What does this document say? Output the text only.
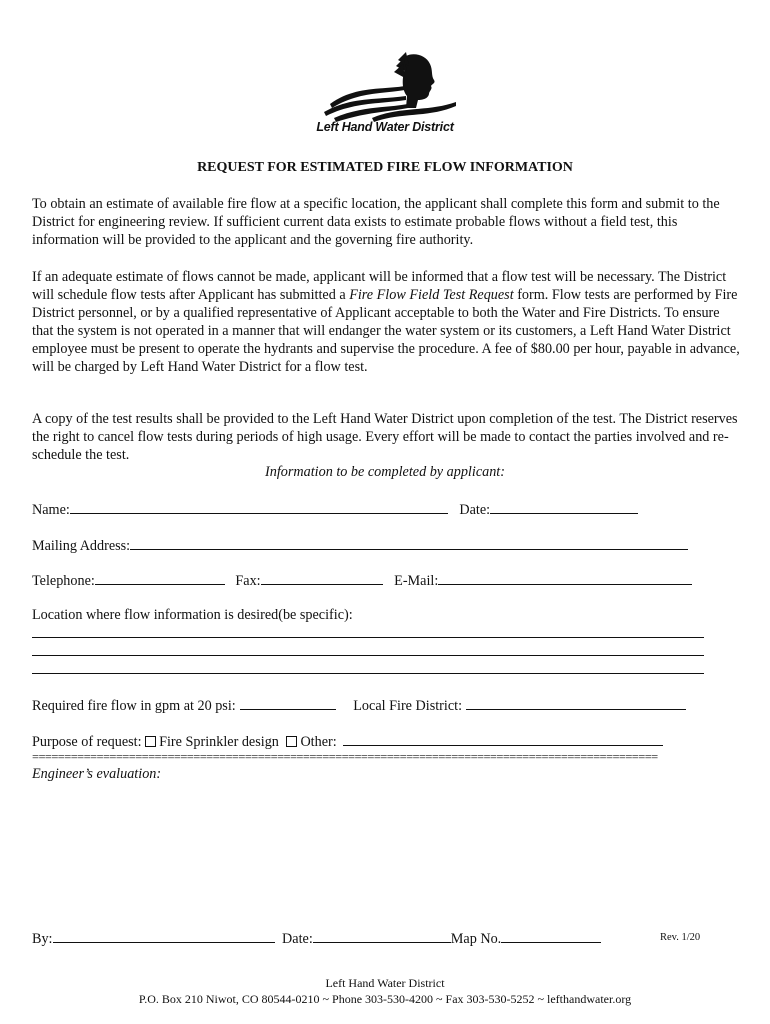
Left Hand Water District
REQUEST FOR ESTIMATED FIRE FLOW INFORMATION
To obtain an estimate of available fire flow at a specific location, the applicant shall complete this form and submit to the District for engineering review. If sufficient current data exists to estimate probable flows without a field test, this information will be provided to the applicant and the governing fire authority.
If an adequate estimate of flows cannot be made, applicant will be informed that a flow test will be necessary. The District will schedule flow tests after Applicant has submitted a Fire Flow Field Test Request form. Flow tests are performed by Fire District personnel, or by a qualified representative of Applicant acceptable to both the Water and Fire Districts. To ensure that the system is not operated in a manner that will endanger the water system or its customers, a Left Hand Water District employee must be present to operate the hydrants and supervise the procedure. A fee of $80.00 per hour, payable in advance, will be charged by Left Hand Water District for a flow test.
A copy of the test results shall be provided to the Left Hand Water District upon completion of the test. The District reserves the right to cancel flow tests during periods of high usage. Every effort will be made to contact the parties involved and re-schedule the test.
Information to be completed by applicant:
Name:	Date:
Mailing Address:
Telephone:	Fax:	E-Mail:
Location where flow information is desired(be specific):
Required fire flow in gpm at 20 psi:	Local Fire District:
Purpose of request: Fire Sprinkler design Other:
=================================================================================================
Engineer’s evaluation:
By:	Date:	Map No.	Rev. 1/20
Left Hand Water District
P.O. Box 210 Niwot, CO 80544-0210 ~ Phone 303-530-4200 ~ Fax 303-530-5252 ~ lefthandwater.org
